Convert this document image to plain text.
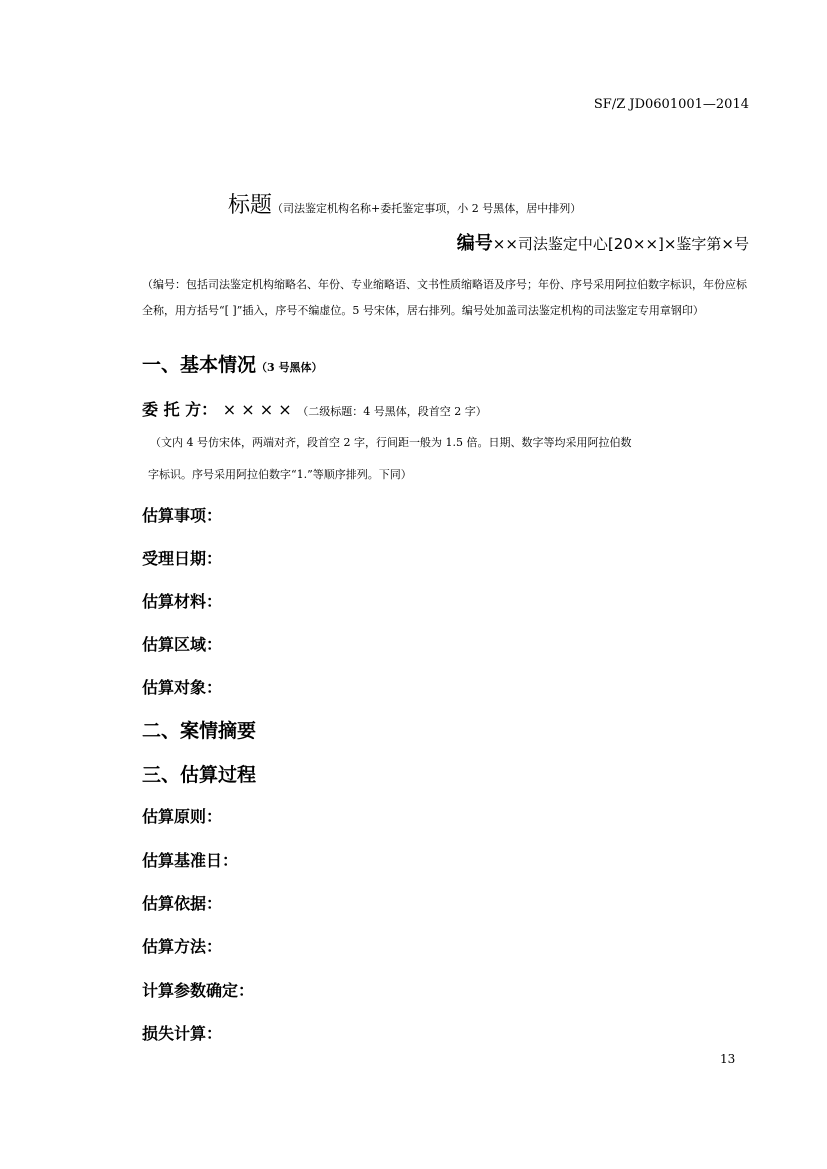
SF/Z JD0601001—2014
标题（司法鉴定机构名称+委托鉴定事项，小 2 号黑体，居中排列）
编号××司法鉴定中心[20××]×鉴字第×号
（编号：包括司法鉴定机构缩略名、年份、专业缩略语、文书性质缩略语及序号；年份、序号采用阿拉伯数字标识，年份应标全称，用方括号“[ ]”插入，序号不编虚位。5 号宋体，居右排列。编号处加盖司法鉴定机构的司法鉴定专用章钢印）
一、基本情况（3 号黑体）
委 托 方： × × × × （二级标题：4 号黑体，段首空 2 字）
（文内 4 号仿宋体，两端对齐，段首空 2 字，行间距一般为 1.5 倍。日期、数字等均采用阿拉伯数
字标识。序号采用阿拉伯数字“1.”等顺序排列。下同）
估算事项：
受理日期：
估算材料：
估算区域：
估算对象：
二、案情摘要
三、估算过程
估算原则：
估算基准日：
估算依据：
估算方法：
计算参数确定：
损失计算：
13
